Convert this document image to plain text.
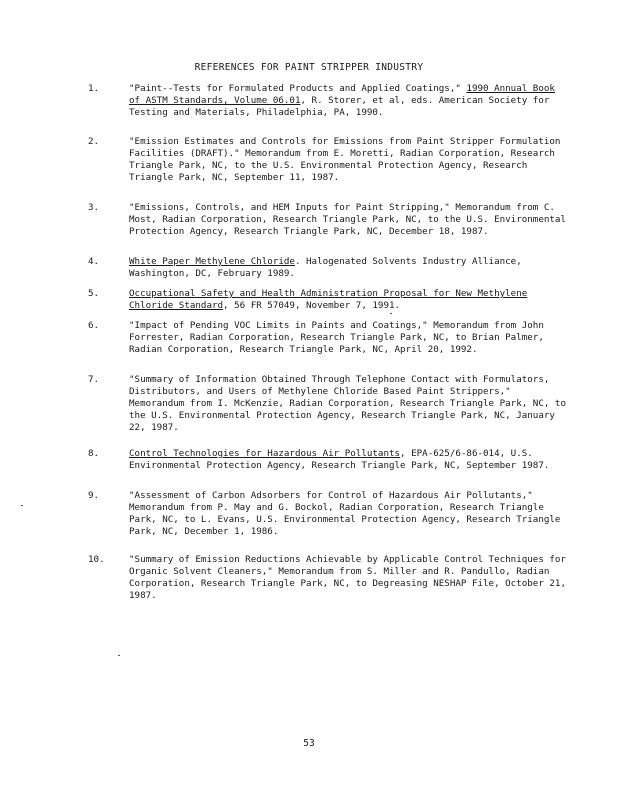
REFERENCES FOR PAINT STRIPPER INDUSTRY
1.	"Paint--Tests for Formulated Products and Applied Coatings," 1990 Annual Book of ASTM Standards, Volume 06.01, R. Storer, et al, eds. American Society for Testing and Materials, Philadelphia, PA, 1990.
2.	"Emission Estimates and Controls for Emissions from Paint Stripper Formulation Facilities (DRAFT)." Memorandum from E. Moretti, Radian Corporation, Research Triangle Park, NC, to the U.S. Environmental Protection Agency, Research Triangle Park, NC, September 11, 1987.
3.	"Emissions, Controls, and HEM Inputs for Paint Stripping," Memorandum from C. Most, Radian Corporation, Research Triangle Park, NC, to the U.S. Environmental Protection Agency, Research Triangle Park, NC, December 18, 1987.
4.	White Paper Methylene Chloride. Halogenated Solvents Industry Alliance, Washington, DC, February 1989.
5.	Occupational Safety and Health Administration Proposal for New Methylene Chloride Standard, 56 FR 57049, November 7, 1991.
6.	"Impact of Pending VOC Limits in Paints and Coatings," Memorandum from John Forrester, Radian Corporation, Research Triangle Park, NC, to Brian Palmer, Radian Corporation, Research Triangle Park, NC, April 20, 1992.
7.	"Summary of Information Obtained Through Telephone Contact with Formulators, Distributors, and Users of Methylene Chloride Based Paint Strippers," Memorandum from I. McKenzie, Radian Corporation, Research Triangle Park, NC, to the U.S. Environmental Protection Agency, Research Triangle Park, NC, January 22, 1987.
8.	Control Technologies for Hazardous Air Pollutants, EPA-625/6-86-014, U.S. Environmental Protection Agency, Research Triangle Park, NC, September 1987.
9.	"Assessment of Carbon Adsorbers for Control of Hazardous Air Pollutants," Memorandum from P. May and G. Bockol, Radian Corporation, Research Triangle Park, NC, to L. Evans, U.S. Environmental Protection Agency, Research Triangle Park, NC, December 1, 1986.
10.	"Summary of Emission Reductions Achievable by Applicable Control Techniques for Organic Solvent Cleaners," Memorandum from S. Miller and R. Pandullo, Radian Corporation, Research Triangle Park, NC, to Degreasing NESHAP File, October 21, 1987.
53
